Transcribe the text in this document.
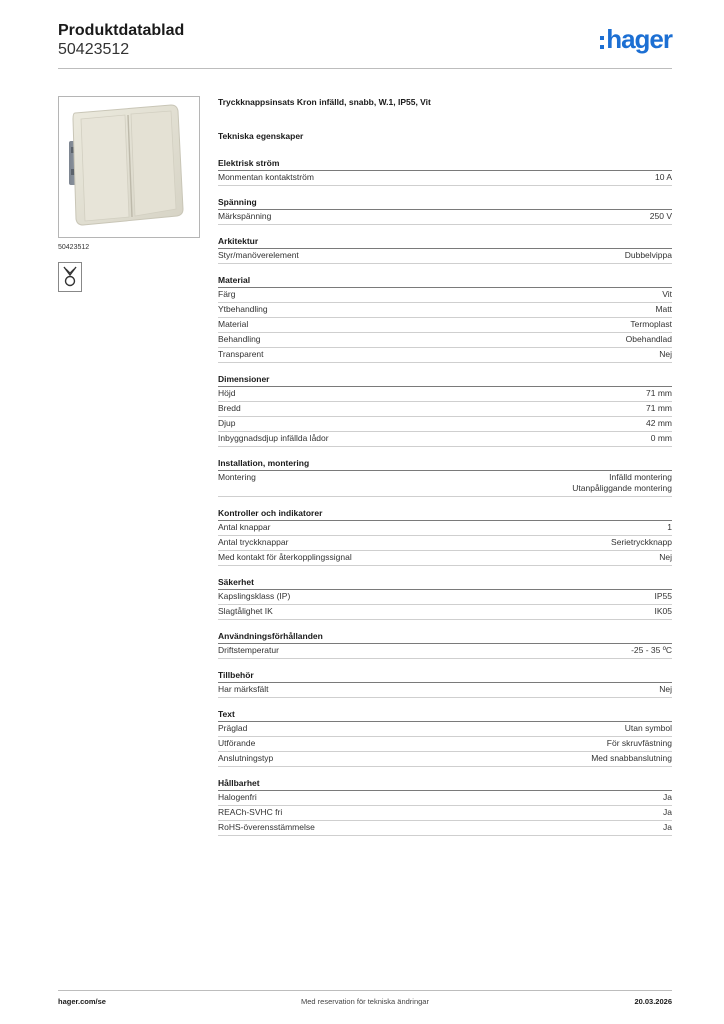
Produktdatablad
50423512	hager
50423512
Tryckknappsinsats Kron infälld, snabb, W.1, IP55, Vit
Tekniska egenskaper
Elektrisk ström
Monmentan kontaktström	10 A
Spänning
Märkspänning	250 V
Arkitektur
Styr/manöverelement	Dubbelvippa
Material
Färg	Vit
Ytbehandling	Matt
Material	Termoplast
Behandling	Obehandlad
Transparent	Nej
Dimensioner
Höjd	71 mm
Bredd	71 mm
Djup	42 mm
Inbyggnadsdjup infällda lådor	0 mm
Installation, montering
Montering	Infälld montering
Utanpåliggande montering
Kontroller och indikatorer
Antal knappar	1
Antal tryckknappar	Serietryckknapp
Med kontakt för återkopplingssignal	Nej
Säkerhet
Kapslingsklass (IP)	IP55
Slagtålighet IK	IK05
Användningsförhållanden
Driftstemperatur	-25 - 35 ºC
Tillbehör
Har märksfält	Nej
Text
Präglad	Utan symbol
Utförande	För skruvfästning
Anslutningstyp	Med snabbanslutning
Hållbarhet
Halogenfri	Ja
REACh-SVHC fri	Ja
RoHS-överensstämmelse	Ja
Med reservation för tekniska ändringar
hager.com/se	20.03.2026
